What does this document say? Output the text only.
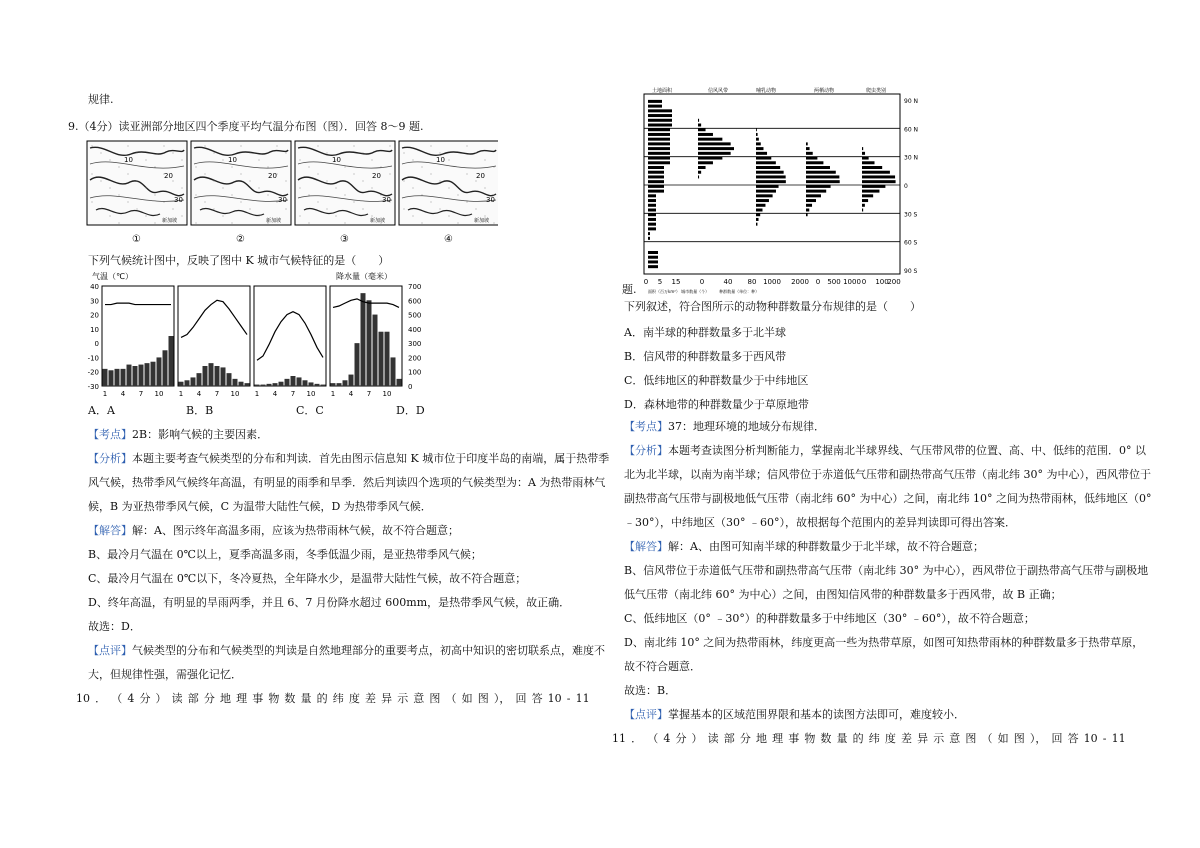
规律.
9.（4分）读亚洲部分地区四个季度平均气温分布图（图）．回答 8～9 题.
10
20
30
新加坡
①
10
20
30
新加坡
②
10
20
30
新加坡
③
10
20
30
新加坡
④
下列气候统计图中，反映了图中 K 城市气候特征的是（　　）
气温（℃）	降水量（毫米）
40
30
20
10
0
-10
-20
-30
700
600
500
400
300
200
100
0
1 4 7 10 1 4 7 10 1 4 7 10 1 4 7 10
A．A	B．B	C．C	D．D
【考点】2B：影响气候的主要因素．
【分析】本题主要考查气候类型的分布和判读．首先由图示信息知 K 城市位于印度半岛的南端，属于热带季
风气候，热带季风气候终年高温，有明显的雨季和旱季．然后判读四个选项的气候类型为：A 为热带雨林气
候，B 为亚热带季风气候，C 为温带大陆性气候，D 为热带季风气候．
【解答】解：A、图示终年高温多雨，应该为热带雨林气候，故不符合题意；
B、最冷月气温在 0℃以上，夏季高温多雨，冬季低温少雨，是亚热带季风气候；
C、最冷月气温在 0℃以下，冬冷夏热，全年降水少，是温带大陆性气候，故不符合题意；
D、终年高温，有明显的旱雨两季，并且 6、7 月份降水超过 600mm，是热带季风气候，故正确．
故选：D．
【点评】气候类型的分布和气候类型的判读是自然地理部分的重要考点，初高中知识的密切联系点，难度不
大，但规律性强，需强化记忆．
10 ． （ 4 分 ） 读 部 分 地 理 事 物 数 量 的 纬 度 差 异 示 意 图 （ 如 图 ）， 回 答 10 - 11
90 N
60 N
30 N
0
30 S
60 S
90 S
土地面积	信风风带	哺乳动物	两栖动物	爬虫类别
0 5 15	0	40 80 1000 2000 0 500 1000 0 100
200
面积（百万km²） 城市数量（个）　　　种群数量（单位：种）
题.
下列叙述，符合图所示的动物种群数量分布规律的是（　　）
A．南半球的种群数量多于北半球
B．信风带的种群数量多于西风带
C．低纬地区的种群数量少于中纬地区
D．森林地带的种群数量少于草原地带
【考点】37：地理环境的地域分布规律．
【分析】本题考查读图分析判断能力，掌握南北半球界线、气压带风带的位置、高、中、低纬的范围．0° 以
北为北半球，以南为南半球；信风带位于赤道低气压带和副热带高气压带（南北纬 30° 为中心），西风带位于
副热带高气压带与副极地低气压带（南北纬 60° 为中心）之间，南北纬 10° 之间为热带雨林，低纬地区（0°
﹣30°），中纬地区（30° ﹣60°），故根据每个范围内的差异判读即可得出答案．
【解答】解：A、由图可知南半球的种群数量少于北半球，故不符合题意；
B、信风带位于赤道低气压带和副热带高气压带（南北纬 30° 为中心），西风带位于副热带高气压带与副极地
低气压带（南北纬 60° 为中心）之间，由图知信风带的种群数量多于西风带，故 B 正确；
C、低纬地区（0° ﹣30°）的种群数量多于中纬地区（30° ﹣60°），故不符合题意；
D、南北纬 10° 之间为热带雨林，纬度更高一些为热带草原，如图可知热带雨林的种群数量多于热带草原，
故不符合题意．
故选：B．
【点评】掌握基本的区域范围界限和基本的读图方法即可，难度较小．
11 ． （ 4 分 ） 读 部 分 地 理 事 物 数 量 的 纬 度 差 异 示 意 图 （ 如 图 ）， 回 答 10 - 11
